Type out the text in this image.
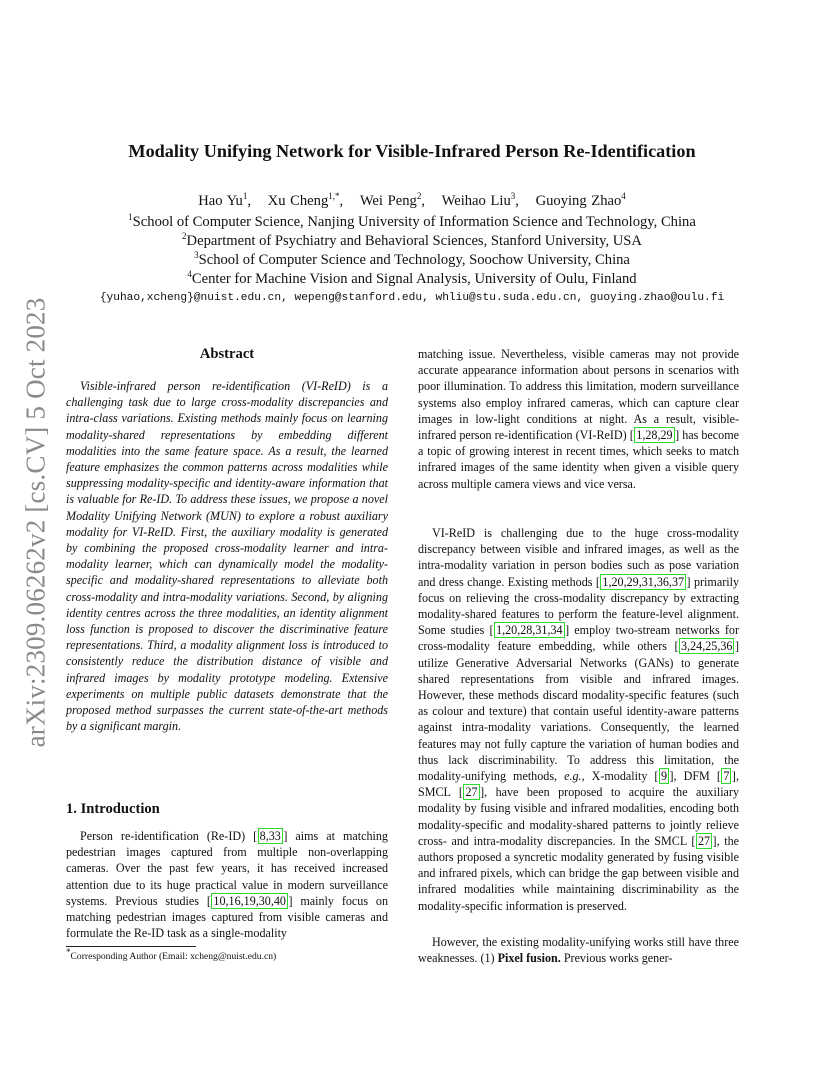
arXiv:2309.06262v2 [cs.CV] 5 Oct 2023
Modality Unifying Network for Visible-Infrared Person Re-Identification
Hao Yu$^1$, Xu Cheng$^{1,*}$, Wei Peng$^2$, Weihao Liu$^3$, Guoying Zhao$^4$
$^1$School of Computer Science, Nanjing University of Information Science and Technology, China
$^2$Department of Psychiatry and Behavioral Sciences, Stanford University, USA
$^3$School of Computer Science and Technology, Soochow University, China
$^4$Center for Machine Vision and Signal Analysis, University of Oulu, Finland
{yuhao,xcheng}@nuist.edu.cn, wepeng@stanford.edu, whliu@stu.suda.edu.cn, guoying.zhao@oulu.fi
Abstract
Visible-infrared person re-identification (VI-ReID) is a challenging task due to large cross-modality discrepancies and intra-class variations. Existing methods mainly focus on learning modality-shared representations by embedding different modalities into the same feature space. As a result, the learned feature emphasizes the common patterns across modalities while suppressing modality-specific and identity-aware information that is valuable for Re-ID. To address these issues, we propose a novel Modality Unifying Network (MUN) to explore a robust auxiliary modality for VI-ReID. First, the auxiliary modality is generated by combining the proposed cross-modality learner and intra-modality learner, which can dynamically model the modality-specific and modality-shared representations to alleviate both cross-modality and intra-modality variations. Second, by aligning identity centres across the three modalities, an identity alignment loss function is proposed to discover the discriminative feature representations. Third, a modality alignment loss is introduced to consistently reduce the distribution distance of visible and infrared images by modality prototype modeling. Extensive experiments on multiple public datasets demonstrate that the proposed method surpasses the current state-of-the-art methods by a significant margin.
1. Introduction
Person re-identification (Re-ID) [ 8,33 ] aims at matching pedestrian images captured from multiple non-overlapping cameras. Over the past few years, it has received increased attention due to its huge practical value in modern surveillance systems. Previous studies [ 10,16,19,30,40 ] mainly focus on matching pedestrian images captured from visible cameras and formulate the Re-ID task as a single-modality
*Corresponding Author (Email: xcheng@nuist.edu.cn)
matching issue. Nevertheless, visible cameras may not provide accurate appearance information about persons in scenarios with poor illumination. To address this limitation, modern surveillance systems also employ infrared cameras, which can capture clear images in low-light conditions at night. As a result, visible-infrared person re-identification (VI-ReID) [ 1,28,29 ] has become a topic of growing interest in recent times, which seeks to match infrared images of the same identity when given a visible query across multiple camera views and vice versa.
VI-ReID is challenging due to the huge cross-modality discrepancy between visible and infrared images, as well as the intra-modality variation in person bodies such as pose variation and dress change. Existing methods [ 1,20,29,31,36,37 ] primarily focus on relieving the cross-modality discrepancy by extracting modality-shared features to perform the feature-level alignment. Some studies [ 1,20,28,31,34 ] employ two-stream networks for cross-modality feature embedding, while others [ 3,24,25,36 ] utilize Generative Adversarial Networks (GANs) to generate shared representations from visible and infrared images. However, these methods discard modality-specific features (such as colour and texture) that contain useful identity-aware patterns against intra-modality variations. Consequently, the learned features may not fully capture the variation of human bodies and thus lack discriminability. To address this limitation, the modality-unifying methods, e.g., X-modality [ 9 ], DFM [ 7 ], SMCL [ 27 ], have been proposed to acquire the auxiliary modality by fusing visible and infrared modalities, encoding both modality-specific and modality-shared patterns to jointly relieve cross- and intra-modality discrepancies. In the SMCL [ 27 ], the authors proposed a syncretic modality generated by fusing visible and infrared pixels, which can bridge the gap between visible and infrared modalities while maintaining discriminability as the modality-specific information is preserved.
However, the existing modality-unifying works still have three weaknesses. (1) Pixel fusion. Previous works gener-
